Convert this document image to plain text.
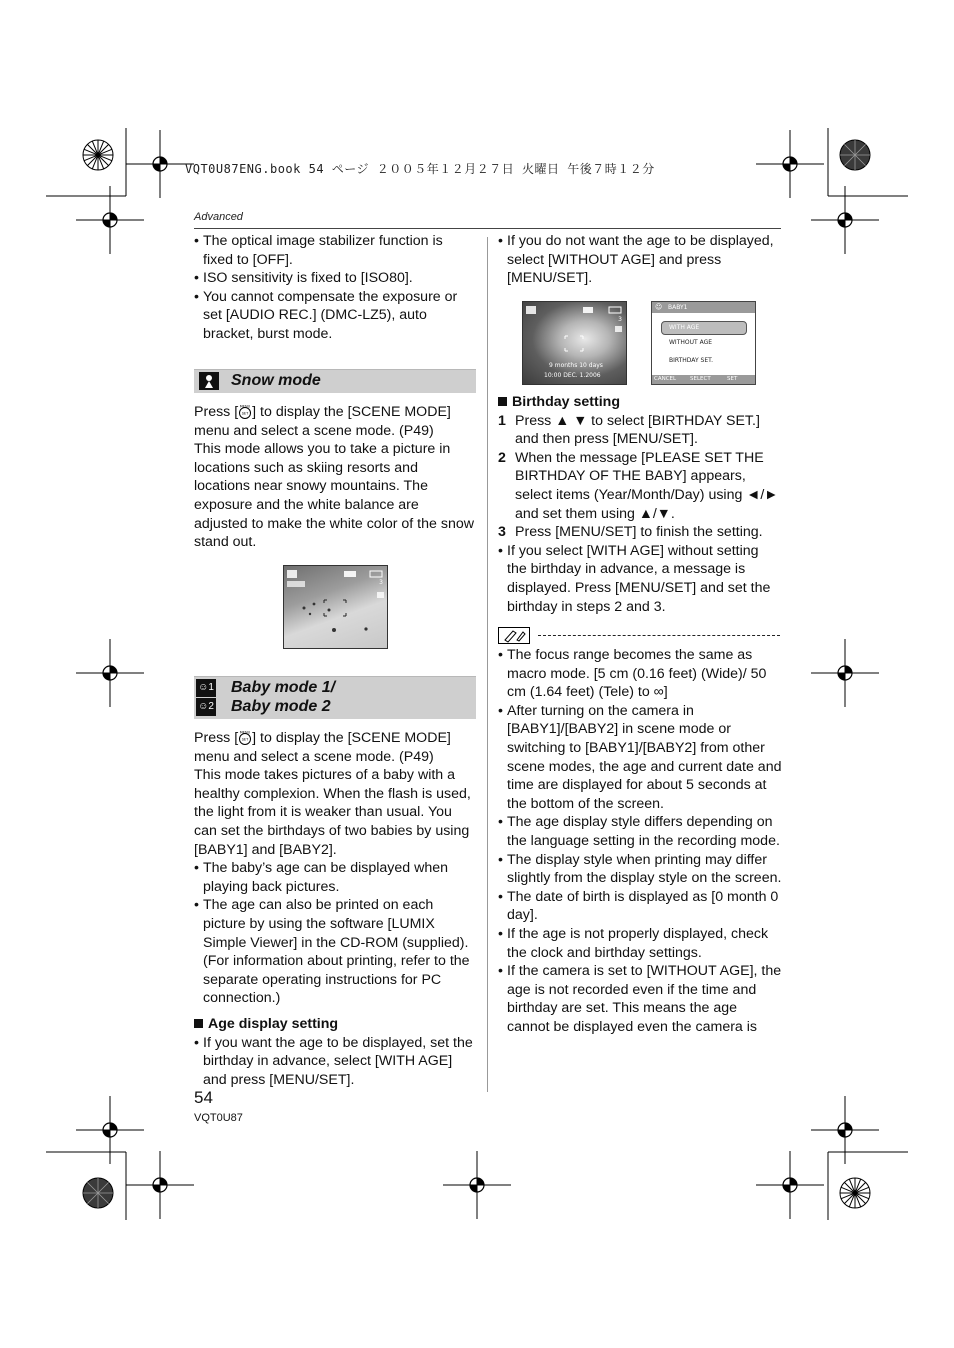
VQT0U87ENG.book 54 ページ ２００５年１２月２７日 火曜日 午後７時１２分
Advanced

• The optical image stabilizer function is fixed to [OFF].

• ISO sensitivity is fixed to [ISO80].

• You cannot compensate the exposure or set [AUDIO REC.] (DMC-LZ5), auto bracket, burst mode.

Snow mode

Press [ MENU
SET ] to display the [SCENE MODE] menu and select a scene mode. (P49)

This mode allows you to take a picture in locations such as skiing resorts and locations near snowy mountains. The exposure and the white balance are adjusted to make the white color of the snow stand out.

3
☺1
☺2
Baby mode 1/
Baby mode 2

Press [ MENU
SET ] to display the [SCENE MODE] menu and select a scene mode. (P49)

This mode takes pictures of a baby with a healthy complexion. When the flash is used, the light from it is weaker than usual. You can set the birthdays of two babies by using [BABY1] and [BABY2].

• The baby’s age can be displayed when playing back pictures.

• The age can also be printed on each picture by using the software [LUMIX Simple Viewer] in the CD-ROM (supplied). (For information about printing, refer to the separate operating instructions for PC connection.)

Age display setting

• If you want the age to be displayed, set the birthday in advance, select [WITH AGE] and press [MENU/SET].

• If you do not want the age to be displayed, select [WITHOUT AGE] and press [MENU/SET].

3
9 months 10 days
10:00 DEC. 1.2006
☺ BABY1
WITH AGE
WITHOUT AGE
BIRTHDAY SET.
CANCEL	SELECT	SET

Birthday setting

1 Press ▲ ▼ to select [BIRTHDAY SET.] and then press [MENU/SET].

2 When the message [PLEASE SET THE BIRTHDAY OF THE BABY] appears, select items (Year/Month/Day) using ◄/► and set them using ▲/▼.

3 Press [MENU/SET] to finish the setting.

• If you select [WITH AGE] without setting the birthday in advance, a message is displayed. Press [MENU/SET] and set the birthday in steps 2 and 3.

• The focus range becomes the same as macro mode. [5 cm (0.16 feet) (Wide)/ 50 cm (1.64 feet) (Tele) to ∞]

• After turning on the camera in [BABY1]/[BABY2] in scene mode or switching to [BABY1]/[BABY2] from other scene modes, the age and current date and time are displayed for about 5 seconds at the bottom of the screen.

• The age display style differs depending on the language setting in the recording mode.

• The display style when printing may differ slightly from the display style on the screen.

• The date of birth is displayed as [0 month 0 day].

• If the age is not properly displayed, check the clock and birthday settings.

• If the camera is set to [WITHOUT AGE], the age is not recorded even if the time and birthday are set. This means the age cannot be displayed even the camera is

54
VQT0U87
